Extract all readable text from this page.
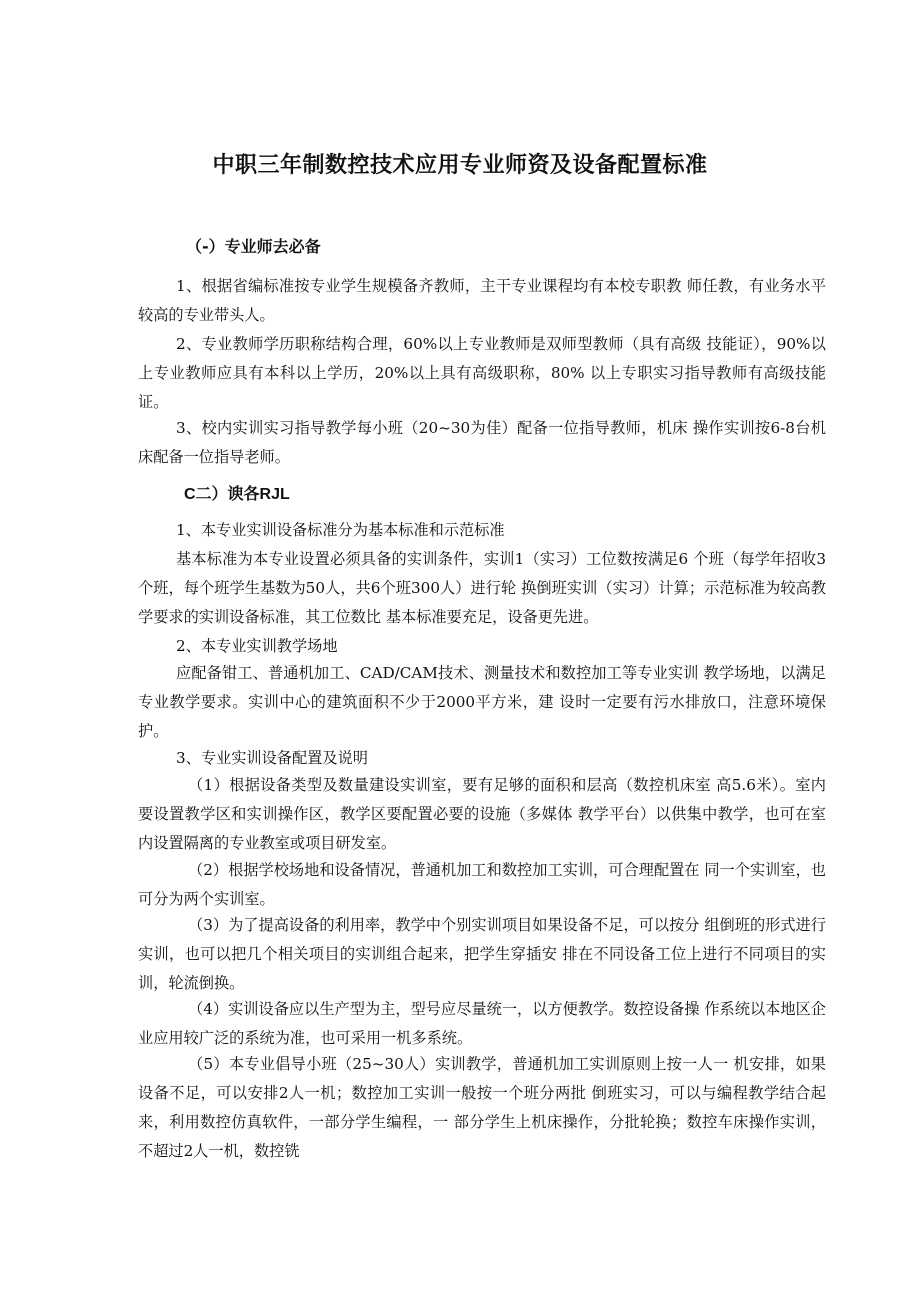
中职三年制数控技术应用专业师资及设备配置标准
（-）专业师去必备

1、根据省编标准按专业学生规模备齐教师，主干专业课程均有本校专职教 师任教，有业务水平较高的专业带头人。

2、专业教师学历职称结构合理，60%以上专业教师是双师型教师（具有高级 技能证），90%以上专业教师应具有本科以上学历，20%以上具有高级职称，80% 以上专职实习指导教师有高级技能证。

3、校内实训实习指导教学每小班（20~30为佳）配备一位指导教师，机床 操作实训按6-8台机床配备一位指导老师。

C二）谀各RJL

1、本专业实训设备标准分为基本标准和示范标准

基本标准为本专业设置必须具备的实训条件，实训1（实习）工位数按满足6 个班（每学年招收3个班，每个班学生基数为50人，共6个班300人）进行轮 换倒班实训（实习）计算；示范标准为较高教学要求的实训设备标准，其工位数比 基本标准要充足，设备更先进。

2、本专业实训教学场地

应配备钳工、普通机加工、CAD/CAM技术、测量技术和数控加工等专业实训 教学场地，以满足专业教学要求。实训中心的建筑面积不少于2000平方米，建 设时一定要有污水排放口，注意环境保护。

3、专业实训设备配置及说明

（1）根据设备类型及数量建设实训室，要有足够的面积和层高（数控机床室 高5.6米）。室内要设置教学区和实训操作区，教学区要配置必要的设施（多媒体 教学平台）以供集中教学，也可在室内设置隔离的专业教室或项目研发室。

（2）根据学校场地和设备情况，普通机加工和数控加工实训，可合理配置在 同一个实训室，也可分为两个实训室。

（3）为了提高设备的利用率，教学中个别实训项目如果设备不足，可以按分 组倒班的形式进行实训，也可以把几个相关项目的实训组合起来，把学生穿插安 排在不同设备工位上进行不同项目的实训，轮流倒换。

（4）实训设备应以生产型为主，型号应尽量统一，以方便教学。数控设备操 作系统以本地区企业应用较广泛的系统为准，也可采用一机多系统。

（5）本专业倡导小班（25~30人）实训教学，普通机加工实训原则上按一人一 机安排，如果设备不足，可以安排2人一机；数控加工实训一般按一个班分两批 倒班实习，可以与编程教学结合起来，利用数控仿真软件，一部分学生编程，一 部分学生上机床操作，分批轮换；数控车床操作实训，不超过2人一机，数控铣
